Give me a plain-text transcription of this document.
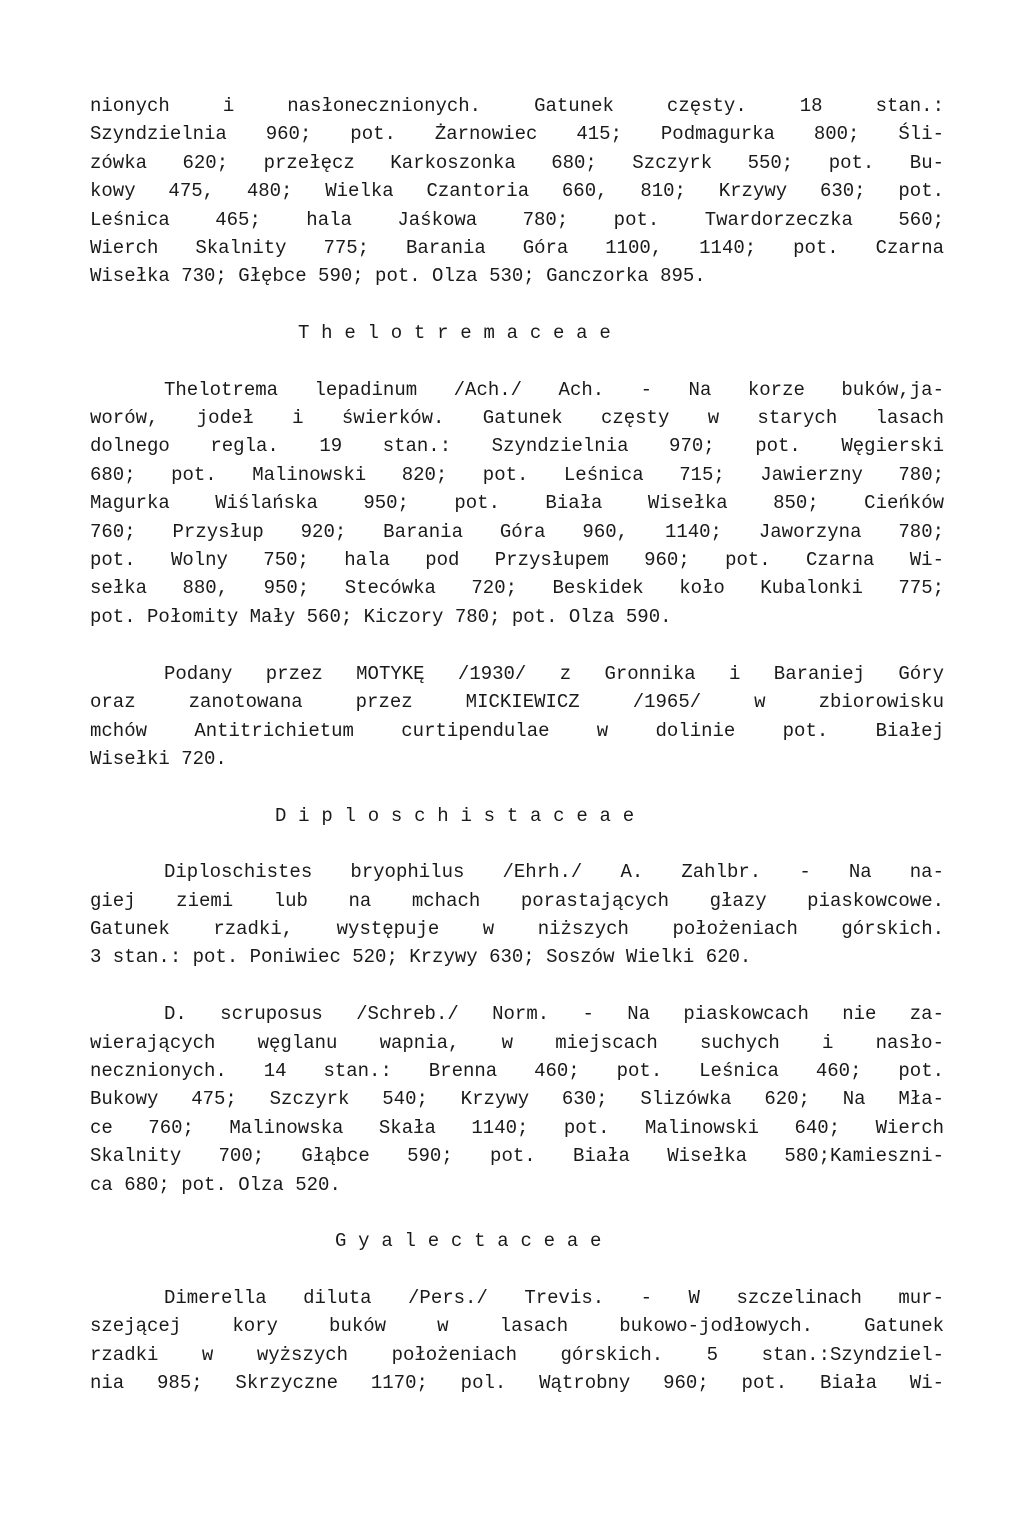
nionych i nasłonecznionych. Gatunek częsty. 18 stan.:
Szyndzielnia 960; pot. Żarnowiec 415; Podmagurka 800; Śli-
zówka 620; przełęcz Karkoszonka 680; Szczyrk 550; pot. Bu-
kowy 475, 480; Wielka Czantoria 660, 810; Krzywy 630; pot.
Leśnica 465; hala Jaśkowa 780; pot. Twardorzeczka 560;
Wierch Skalnity 775; Barania Góra 1100, 1140; pot. Czarna
Wisełka 730; Głębce 590; pot. Olza 530; Ganczorka 895.
Thelotremaceae
Thelotrema lepadinum /Ach./ Ach. - Na korze buków,ja-
worów, jodeł i świerków. Gatunek częsty w starych lasach
dolnego regla. 19 stan.: Szyndzielnia 970; pot. Węgierski
680; pot. Malinowski 820; pot. Leśnica 715; Jawierzny 780;
Magurka Wiślańska 950; pot. Biała Wisełka 850; Cieńków
760; Przysłup 920; Barania Góra 960, 1140; Jaworzyna 780;
pot. Wolny 750; hala pod Przysłupem 960; pot. Czarna Wi-
sełka 880, 950; Stecówka 720; Beskidek koło Kubalonki 775;
pot. Połomity Mały 560; Kiczory 780; pot. Olza 590.
Podany przez MOTYKĘ /1930/ z Gronnika i Baraniej Góry
oraz zanotowana przez MICKIEWICZ /1965/ w zbiorowisku
mchów Antitrichietum curtipendulae w dolinie pot. Białej
Wisełki 720.
Diploschistaceae
Diploschistes bryophilus /Ehrh./ A. Zahlbr. - Na na-
giej ziemi lub na mchach porastających głazy piaskowcowe.
Gatunek rzadki, występuje w niższych położeniach górskich.
3 stan.: pot. Poniwiec 520; Krzywy 630; Soszów Wielki 620.
D. scruposus /Schreb./ Norm. - Na piaskowcach nie za-
wierających węglanu wapnia, w miejscach suchych i nasło-
necznionych. 14 stan.: Brenna 460; pot. Leśnica 460; pot.
Bukowy 475; Szczyrk 540; Krzywy 630; Slizówka 620; Na Mła-
ce 760; Malinowska Skała 1140; pot. Malinowski 640; Wierch
Skalnity 700; Głąbce 590; pot. Biała Wisełka 580;Kamieszni-
ca 680; pot. Olza 520.
Gyalectaceae
Dimerella diluta /Pers./ Trevis. - W szczelinach mur-
szejącej kory buków w lasach bukowo-jodłowych. Gatunek
rzadki w wyższych położeniach górskich. 5 stan.:Szyndziel-
nia 985; Skrzyczne 1170; pol. Wątrobny 960; pot. Biała Wi-
